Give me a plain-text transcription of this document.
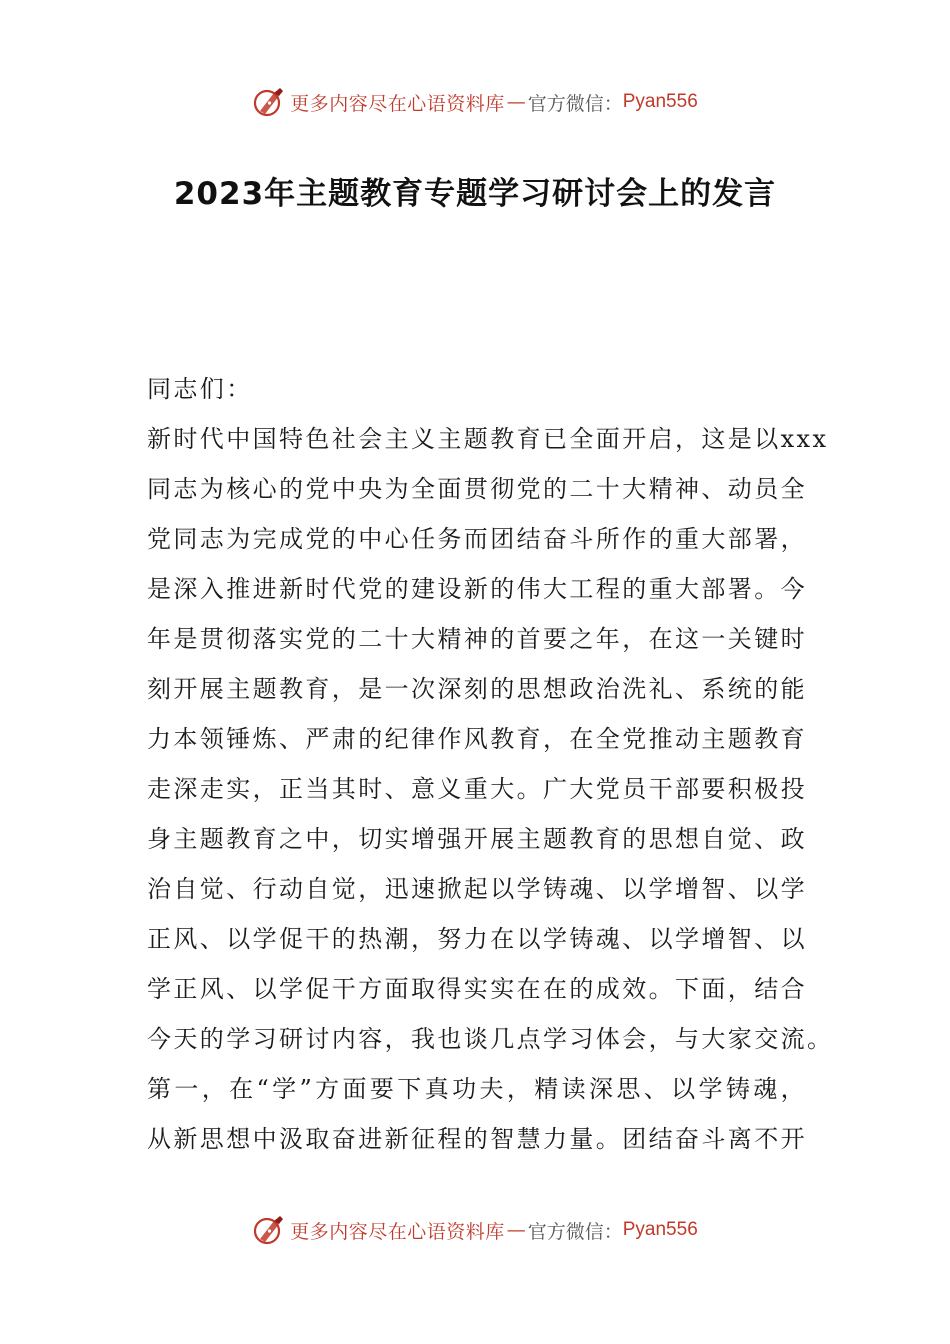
更多内容尽在心语资料库 — 官方微信： Pyan556
2023年主题教育专题学习研讨会上的发言
同志们：
新时代中国特色社会主义主题教育已全面开启，这是以xxx
同志为核心的党中央为全面贯彻党的二十大精神、动员全
党同志为完成党的中心任务而团结奋斗所作的重大部署，
是深入推进新时代党的建设新的伟大工程的重大部署。今
年是贯彻落实党的二十大精神的首要之年，在这一关键时
刻开展主题教育，是一次深刻的思想政治洗礼、系统的能
力本领锤炼、严肃的纪律作风教育，在全党推动主题教育
走深走实，正当其时、意义重大。广大党员干部要积极投
身主题教育之中，切实增强开展主题教育的思想自觉、政
治自觉、行动自觉，迅速掀起以学铸魂、以学增智、以学
正风、以学促干的热潮，努力在以学铸魂、以学增智、以
学正风、以学促干方面取得实实在在的成效。下面，结合
今天的学习研讨内容，我也谈几点学习体会，与大家交流。
第一，在“学”方面要下真功夫，精读深思、以学铸魂，
从新思想中汲取奋进新征程的智慧力量。团结奋斗离不开
更多内容尽在心语资料库 — 官方微信： Pyan556
